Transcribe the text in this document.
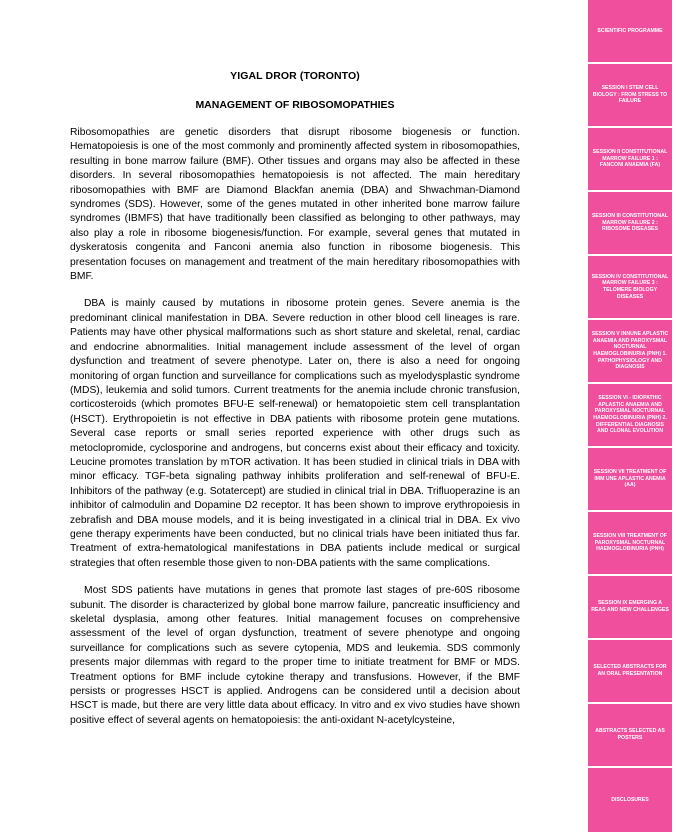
YIGAL DROR (TORONTO)
MANAGEMENT OF RIBOSOMOPATHIES

Ribosomopathies are genetic disorders that disrupt ribosome biogenesis or function. Hematopoiesis is one of the most commonly and prominently affected system in ribosomopathies, resulting in bone marrow failure (BMF). Other tissues and organs may also be affected in these disorders. In several ribosomopathies hematopoiesis is not affected. The main hereditary ribosomopathies with BMF are Diamond Blackfan anemia (DBA) and Shwachman-Diamond syndromes (SDS). However, some of the genes mutated in other inherited bone marrow failure syndromes (IBMFS) that have traditionally been classified as belonging to other pathways, may also play a role in ribosome biogenesis/function. For example, several genes that mutated in dyskeratosis congenita and Fanconi anemia also function in ribosome biogenesis. This presentation focuses on management and treatment of the main hereditary ribosomopathies with BMF.

DBA is mainly caused by mutations in ribosome protein genes. Severe anemia is the predominant clinical manifestation in DBA. Severe reduction in other blood cell lineages is rare. Patients may have other physical malformations such as short stature and skeletal, renal, cardiac and endocrine abnormalities. Initial management include assessment of the level of organ dysfunction and treatment of severe phenotype. Later on, there is also a need for ongoing monitoring of organ function and surveillance for complications such as myelodysplastic syndrome (MDS), leukemia and solid tumors. Current treatments for the anemia include chronic transfusion, corticosteroids (which promotes BFU-E self-renewal) or hematopoietic stem cell transplantation (HSCT). Erythropoietin is not effective in DBA patients with ribosome protein gene mutations. Several case reports or small series reported experience with other drugs such as metoclopromide, cyclosporine and androgens, but concerns exist about their efficacy and toxicity. Leucine promotes translation by mTOR activation. It has been studied in clinical trials in DBA with minor efficacy. TGF-beta signaling pathway inhibits proliferation and self-renewal of BFU-E. Inhibitors of the pathway (e.g. Sotatercept) are studied in clinical trial in DBA. Trifluoperazine is an inhibitor of calmodulin and Dopamine D2 receptor. It has been shown to improve erythropoiesis in zebrafish and DBA mouse models, and it is being investigated in a clinical trial in DBA. Ex vivo gene therapy experiments have been conducted, but no clinical trials have been initiated thus far. Treatment of extra-hematological manifestations in DBA patients include medical or surgical strategies that often resemble those given to non-DBA patients with the same complications.

Most SDS patients have mutations in genes that promote last stages of pre-60S ribosome subunit. The disorder is characterized by global bone marrow failure, pancreatic insufficiency and skeletal dysplasia, among other features. Initial management focuses on comprehensive assessment of the level of organ dysfunction, treatment of severe phenotype and ongoing surveillance for complications such as severe cytopenia, MDS and leukemia. SDS commonly presents major dilemmas with regard to the proper time to initiate treatment for BMF or MDS. Treatment options for BMF include cytokine therapy and transfusions. However, if the BMF persists or progresses HSCT is applied. Androgens can be considered until a decision about HSCT is made, but there are very little data about efficacy. In vitro and ex vivo studies have shown positive effect of several agents on hematopoiesis: the anti-oxidant N-acetylcysteine,

SCIENTIFIC PROGRAMME
SESSION I STEM CELL BIOLOGY : FROM STRESS TO FAILURE
SESSION II CONSTITUTIONAL MARROW FAILURE 1 : FANCONI ANAEMIA (FA)
SESSION III CONSTITUTIONAL MARROW FAILURE 2 : RIBOSOME DISEASES
SESSION IV CONSTITUTIONAL MARROW FAILURE 3 : TELOMERE BIOLOGY DISEASES
SESSION V INNUNE APLASTIC ANAEMIA AND PAROXYSMAL NOCTURNAL HAEMOGLOBINURIA (PNH) 1. PATHOPHYSIOLOGY AND DIAGNOSIS
SESSION VI - IDIOPATHIC APLASTIC ANAEMIA AND PAROXYSMAL NOCTURNAL HAEMOGLOBINURIA (PNH) 2. DIFFERENTIAL DIAGNOSIS AND CLONAL EVOLUTION
SESSION VII TREATMENT OF IMM UNE APLASTIC ANEMIA (AA)
SESSION VIII TREATMENT OF PAROXYSMAL NOCTURNAL HAEMOGLOBINURIA (PNH)
SESSION IX EMERGING A REAS AND NEW CHALLENGES
SELECTED ABSTRACTS FOR AN ORAL PRESENTATION
ABSTRACTS SELECTED AS POSTERS
DISCLOSURES
